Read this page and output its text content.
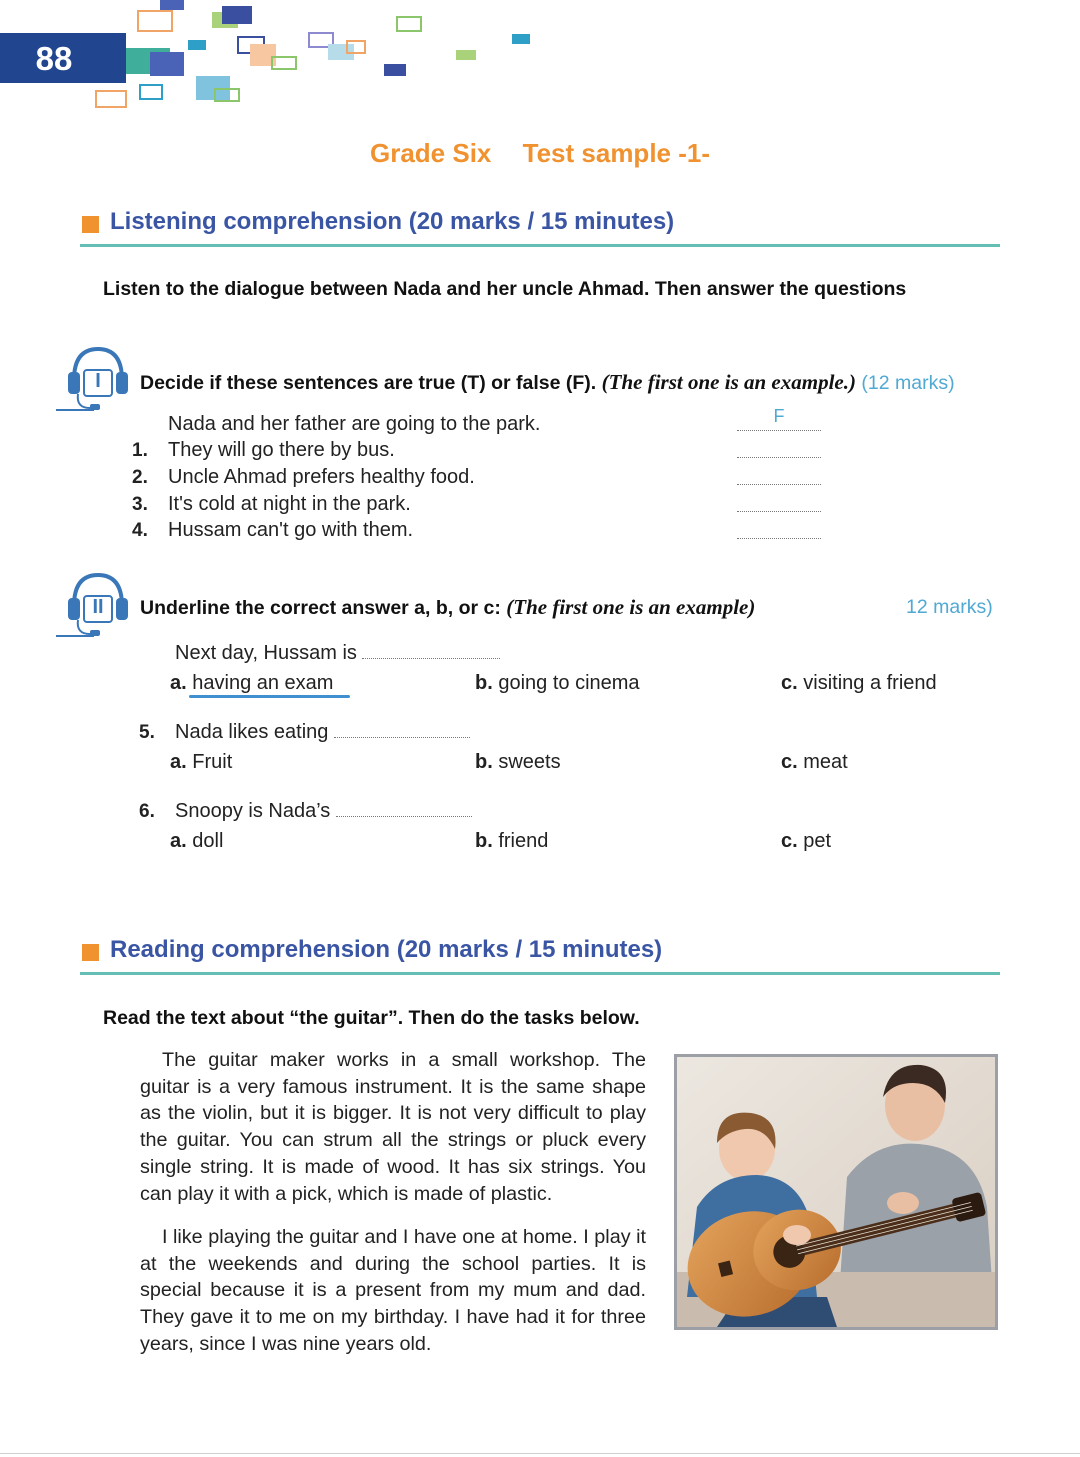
88
Grade Six Test sample -1-
Listening comprehension (20 marks / 15 minutes)
Listen to the dialogue between Nada and her uncle Ahmad. Then answer the questions
I	Decide if these sentences are true (T) or false (F). (The first one is an example.) (12 marks)
Nada and her father are going to the park.	F
1. They will go there by bus.
2. Uncle Ahmad prefers healthy food.
3. It's cold at night in the park.
4. Hussam can't go with them.
II	Underline the correct answer a, b, or c: (The first one is an example)	12 marks)
Next day, Hussam is
a. having an exam	b. going to cinema	c. visiting a friend
5. Nada likes eating
a. Fruit	b. sweets	c. meat
6. Snoopy is Nada’s
a. doll	b. friend	c. pet
Reading comprehension (20 marks / 15 minutes)
Read the text about “the guitar”. Then do the tasks below.
The guitar maker works in a small workshop. The guitar is a very famous instrument. It is the same shape as the violin, but it is bigger. It is not very difficult to play the guitar. You can strum all the strings or pluck every single string. It is made of wood. It has six strings. You can play it with a pick, which is made of plastic.
I like playing the guitar and I have one at home. I play it at the weekends and during the school parties. It is special because it is a present from my mum and dad. They gave it to me on my birthday. I have had it for three years, since I was nine years old.
